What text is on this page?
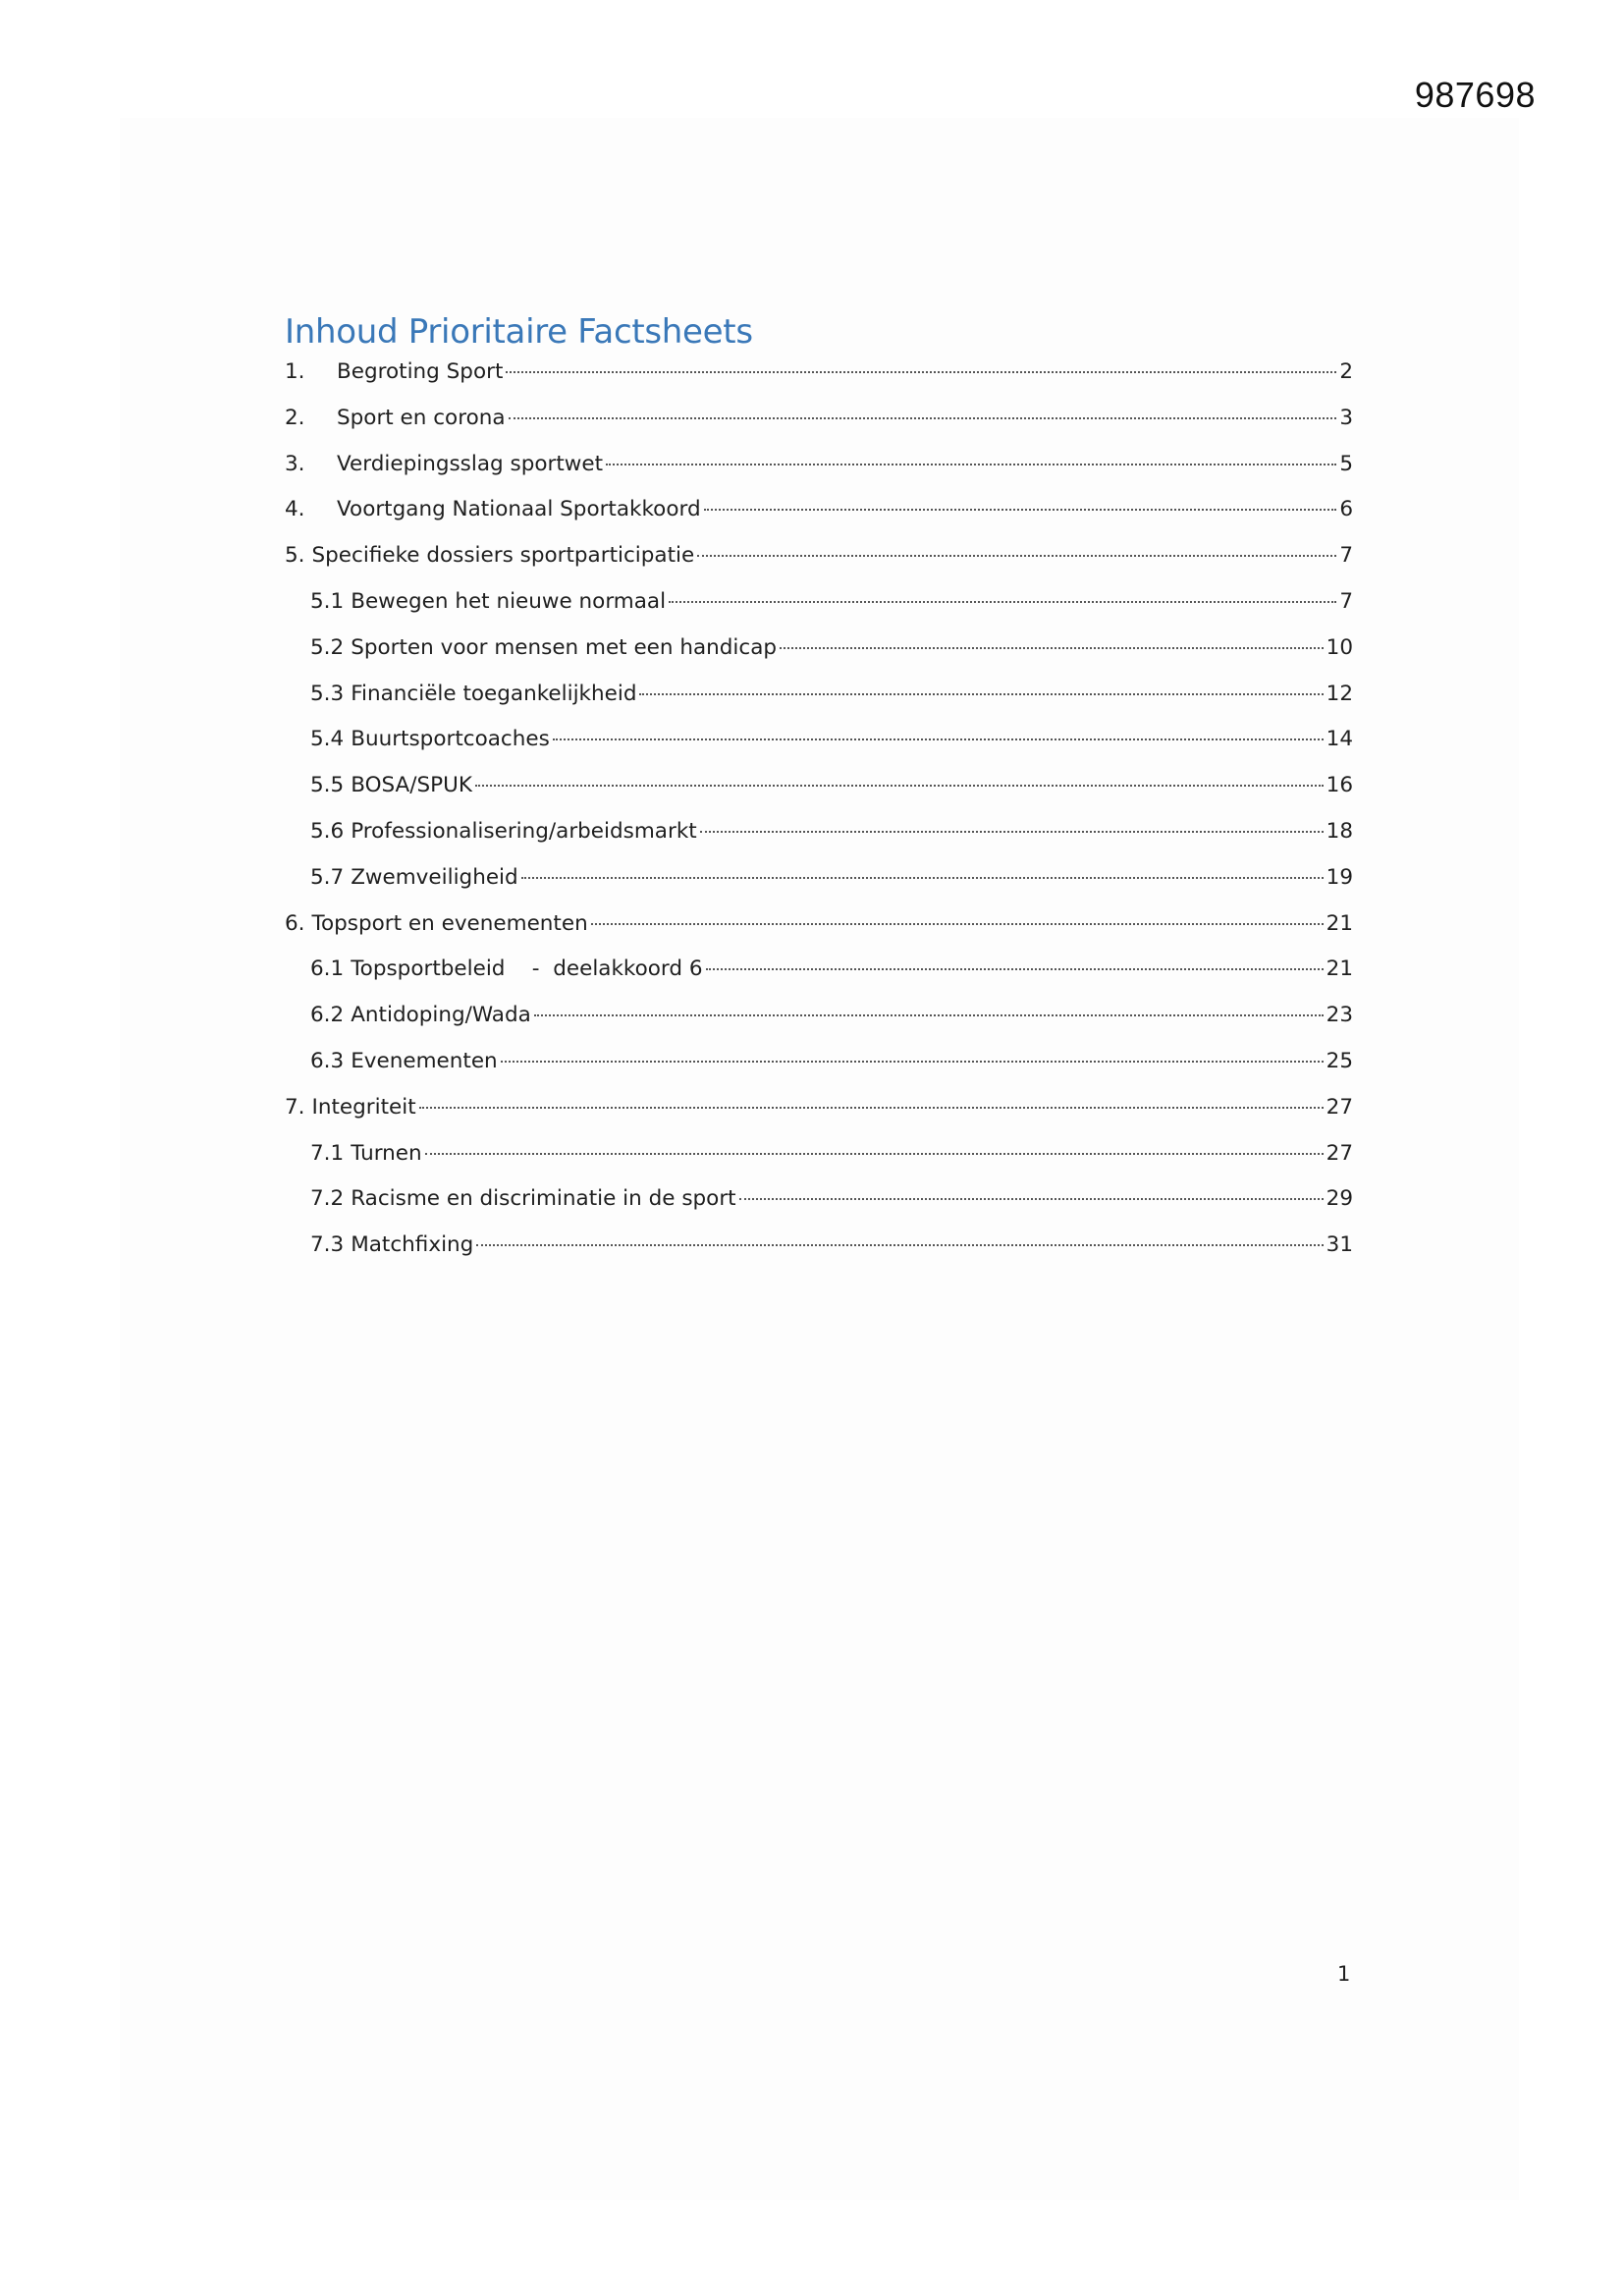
987698
Inhoud Prioritaire Factsheets
1.	Begroting Sport	2
2.	Sport en corona	3
3.	Verdiepingsslag sportwet	5
4.	Voortgang Nationaal Sportakkoord	6
5. Specifieke dossiers sportparticipatie	7
5.1 Bewegen het nieuwe normaal	7
5.2 Sporten voor mensen met een handicap	10
5.3 Financiële toegankelijkheid	12
5.4 Buurtsportcoaches	14
5.5 BOSA/SPUK	16
5.6 Professionalisering/arbeidsmarkt	18
5.7 Zwemveiligheid	19
6. Topsport en evenementen	21
6.1 Topsportbeleid    -  deelakkoord 6	21
6.2 Antidoping/Wada	23
6.3 Evenementen	25
7. Integriteit	27
7.1 Turnen	27
7.2 Racisme en discriminatie in de sport	29
7.3 Matchfixing	31
1
